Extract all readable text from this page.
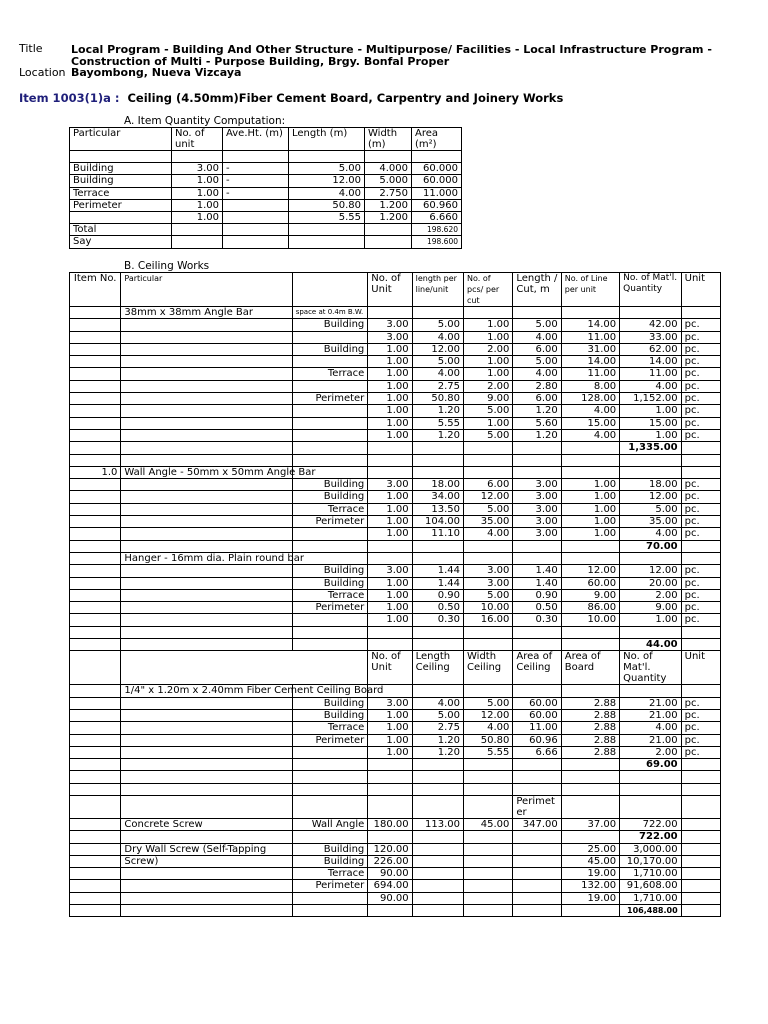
Title	Local Program - Building And Other Structure - Multipurpose/ Facilities - Local Infrastructure Program -
Construction of Multi - Purpose Building, Brgy. Bonfal Proper
Location Bayombong, Nueva Vizcaya
Item 1003(1)a : Ceiling (4.50mm)Fiber Cement Board, Carpentry and Joinery Works
A. Item Quantity Computation:
Particular	No. of unit	Ave.Ht. (m)	Length (m)	Width (m)	Area (m²)

Building	3.00	-	5.00	4.000	60.000
Building	1.00	-	12.00	5.000	60.000
Terrace	1.00	-	4.00	2.750	11.000
Perimeter	1.00		50.80	1.200	60.960
	1.00		5.55	1.200	6.660
Total					198.620
Say					198.600
B. Ceiling Works
Item No.	Particular		No. of Unit	length per line/unit	No. of pcs/ per cut	Length / Cut, m	No. of Line per unit	No. of Mat'l. Quantity	Unit
	38mm x 38mm Angle Bar	space at 0.4m B.W.							
		Building	3.00	5.00	1.00	5.00	14.00	42.00	pc.
			3.00	4.00	1.00	4.00	11.00	33.00	pc.
		Building	1.00	12.00	2.00	6.00	31.00	62.00	pc.
			1.00	5.00	1.00	5.00	14.00	14.00	pc.
		Terrace	1.00	4.00	1.00	4.00	11.00	11.00	pc.
			1.00	2.75	2.00	2.80	8.00	4.00	pc.
		Perimeter	1.00	50.80	9.00	6.00	128.00	1,152.00	pc.
			1.00	1.20	5.00	1.20	4.00	1.00	pc.
			1.00	5.55	1.00	5.60	15.00	15.00	pc.
			1.00	1.20	5.00	1.20	4.00	1.00	pc.
								1,335.00	

1.0	Wall Angle - 50mm x 50mm Angle Bar								
		Building	3.00	18.00	6.00	3.00	1.00	18.00	pc.
		Building	1.00	34.00	12.00	3.00	1.00	12.00	pc.
		Terrace	1.00	13.50	5.00	3.00	1.00	5.00	pc.
		Perimeter	1.00	104.00	35.00	3.00	1.00	35.00	pc.
			1.00	11.10	4.00	3.00	1.00	4.00	pc.
								70.00	
	Hanger - 16mm dia. Plain round bar								
		Building	3.00	1.44	3.00	1.40	12.00	12.00	pc.
		Building	1.00	1.44	3.00	1.40	60.00	20.00	pc.
		Terrace	1.00	0.90	5.00	0.90	9.00	2.00	pc.
		Perimeter	1.00	0.50	10.00	0.50	86.00	9.00	pc.
			1.00	0.30	16.00	0.30	10.00	1.00	pc.

								44.00	
			No. of Unit	Length Ceiling	Width Ceiling	Area of Ceiling	Area of Board	No. of Mat'l. Quantity	Unit
	1/4" x 1.20m x 2.40mm Fiber Cement Ceiling Board								
		Building	3.00	4.00	5.00	60.00	2.88	21.00	pc.
		Building	1.00	5.00	12.00	60.00	2.88	21.00	pc.
		Terrace	1.00	2.75	4.00	11.00	2.88	4.00	pc.
		Perimeter	1.00	1.20	50.80	60.96	2.88	21.00	pc.
			1.00	1.20	5.55	6.66	2.88	2.00	pc.
								69.00	

						Perimet er			
	Concrete Screw	Wall Angle	180.00	113.00	45.00	347.00	37.00	722.00	
								722.00	
	Dry Wall Screw (Self-Tapping	Building	120.00				25.00	3,000.00	
	Screw)	Building	226.00				45.00	10,170.00	
		Terrace	90.00				19.00	1,710.00	
		Perimeter	694.00				132.00	91,608.00	
			90.00				19.00	1,710.00	
								106,488.00	
